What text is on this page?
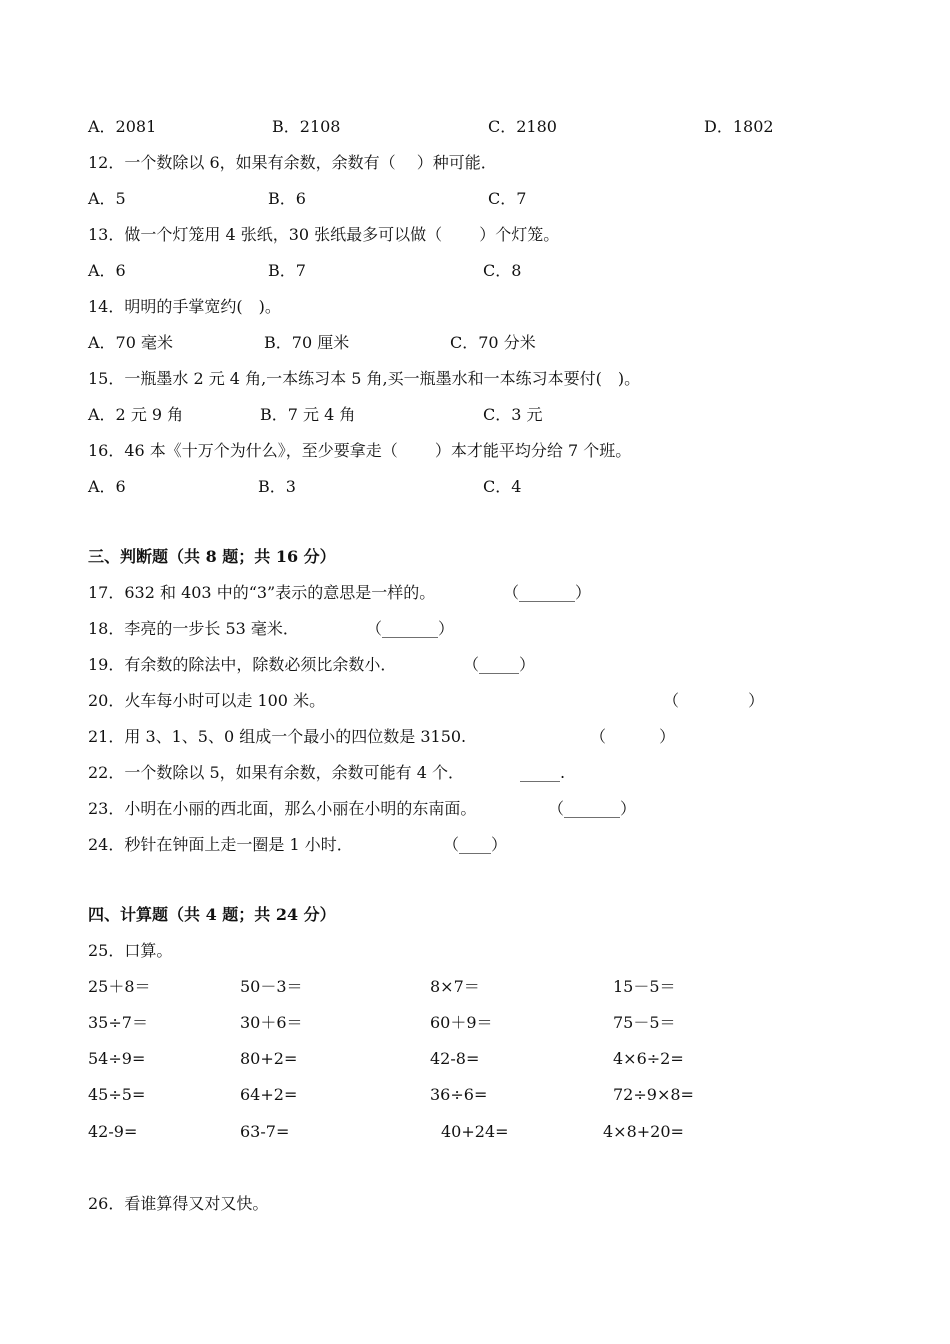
A．2081	B．2108	C．2180	D．1802
12．一个数除以 6，如果有余数，余数有（　 ）种可能．
A．5	B．6	C．7
13．做一个灯笼用 4 张纸，30 张纸最多可以做（　　 ）个灯笼。
A．6	B．7	C．8
14．明明的手掌宽约(　)。
A．70 毫米	B．70 厘米	C．70 分米
15．一瓶墨水 2 元 4 角,一本练习本 5 角,买一瓶墨水和一本练习本要付(　)。
A．2 元 9 角	B．7 元 4 角	C．3 元
16．46 本《十万个为什么》，至少要拿走（　　 ）本才能平均分给 7 个班。
A．6	B．3	C．4
三、判断题（共 8 题；共 16 分）
17．632 和 403 中的“3”表示的意思是一样的。	（_______）
18．李亮的一步长 53 毫米．	（_______）
19．有余数的除法中，除数必须比余数小．	（_____）
20．火车每小时可以走 100 米。	（　　　　 ）
21．用 3、1、5、0 组成一个最小的四位数是 3150.	（　　　 ）
22．一个数除以 5，如果有余数，余数可能有 4 个．	_____.
23．小明在小丽的西北面，那么小丽在小明的东南面。	（_______）
24．秒针在钟面上走一圈是 1 小时．	（____）
四、计算题（共 4 题；共 24 分）
25．口算。
25＋8＝	50－3＝	8×7＝	15－5＝
35÷7＝	30＋6＝	60＋9＝	75－5＝
54÷9=	80+2=	42-8=	4×6÷2=
45÷5=	64+2=	36÷6=	72÷9×8=
42-9=	63-7=	40+24=	4×8+20=
26．看谁算得又对又快。
